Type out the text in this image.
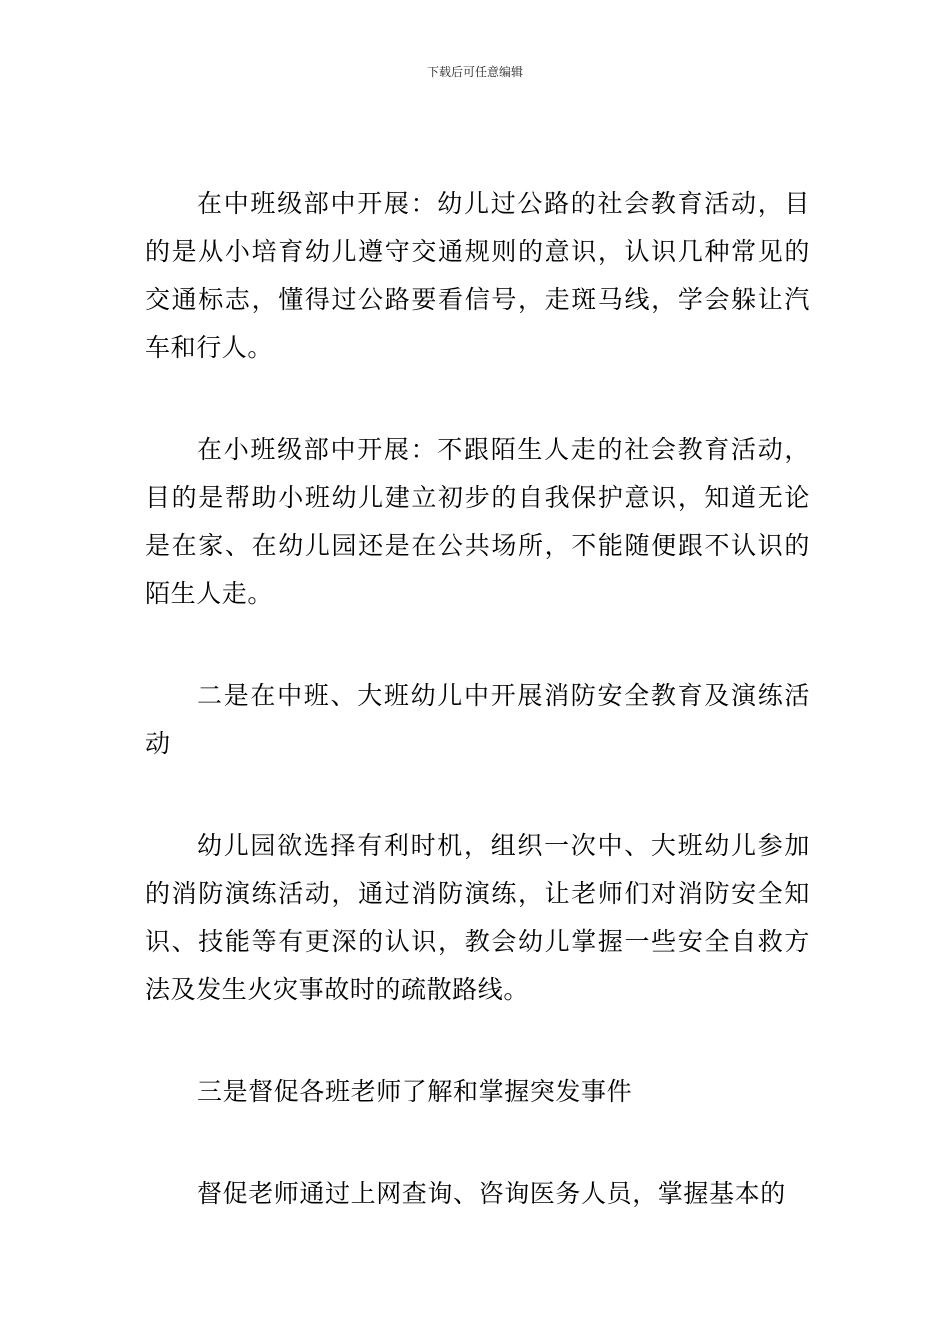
下载后可任意编辑

在中班级部中开展：幼儿过公路的社会教育活动，目的是从小培育幼儿遵守交通规则的意识，认识几种常见的交通标志，懂得过公路要看信号，走斑马线，学会躲让汽车和行人。

在小班级部中开展：不跟陌生人走的社会教育活动，目的是帮助小班幼儿建立初步的自我保护意识，知道无论是在家、在幼儿园还是在公共场所，不能随便跟不认识的陌生人走。

二是在中班、大班幼儿中开展消防安全教育及演练活动

幼儿园欲选择有利时机，组织一次中、大班幼儿参加的消防演练活动，通过消防演练，让老师们对消防安全知识、技能等有更深的认识，教会幼儿掌握一些安全自救方法及发生火灾事故时的疏散路线。

三是督促各班老师了解和掌握突发事件

督促老师通过上网查询、咨询医务人员，掌握基本的
